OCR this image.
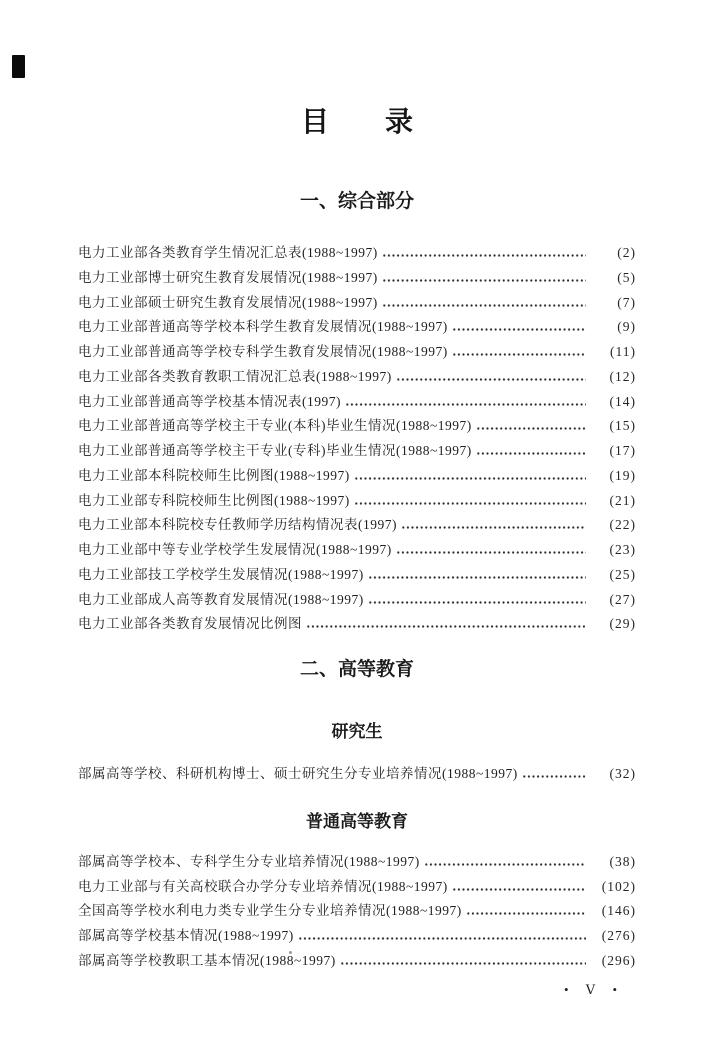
目　　录
一、综合部分
电力工业部各类教育学生情况汇总表(1988~1997)	(2)
电力工业部博士研究生教育发展情况(1988~1997)	(5)
电力工业部硕士研究生教育发展情况(1988~1997)	(7)
电力工业部普通高等学校本科学生教育发展情况(1988~1997)	(9)
电力工业部普通高等学校专科学生教育发展情况(1988~1997)	(11)
电力工业部各类教育教职工情况汇总表(1988~1997)	(12)
电力工业部普通高等学校基本情况表(1997)	(14)
电力工业部普通高等学校主干专业(本科)毕业生情况(1988~1997)	(15)
电力工业部普通高等学校主干专业(专科)毕业生情况(1988~1997)	(17)
电力工业部本科院校师生比例图(1988~1997)	(19)
电力工业部专科院校师生比例图(1988~1997)	(21)
电力工业部本科院校专任教师学历结构情况表(1997)	(22)
电力工业部中等专业学校学生发展情况(1988~1997)	(23)
电力工业部技工学校学生发展情况(1988~1997)	(25)
电力工业部成人高等教育发展情况(1988~1997)	(27)
电力工业部各类教育发展情况比例图	(29)
二、高等教育
研究生
部属高等学校、科研机构博士、硕士研究生分专业培养情况(1988~1997)	(32)
普通高等教育
部属高等学校本、专科学生分专业培养情况(1988~1997)	(38)
电力工业部与有关高校联合办学分专业培养情况(1988~1997)	(102)
全国高等学校水利电力类专业学生分专业培养情况(1988~1997)	(146)
部属高等学校基本情况(1988~1997)	(276)
部属高等学校教职工基本情况(1988~1997)	(296)
• Ⅴ •
